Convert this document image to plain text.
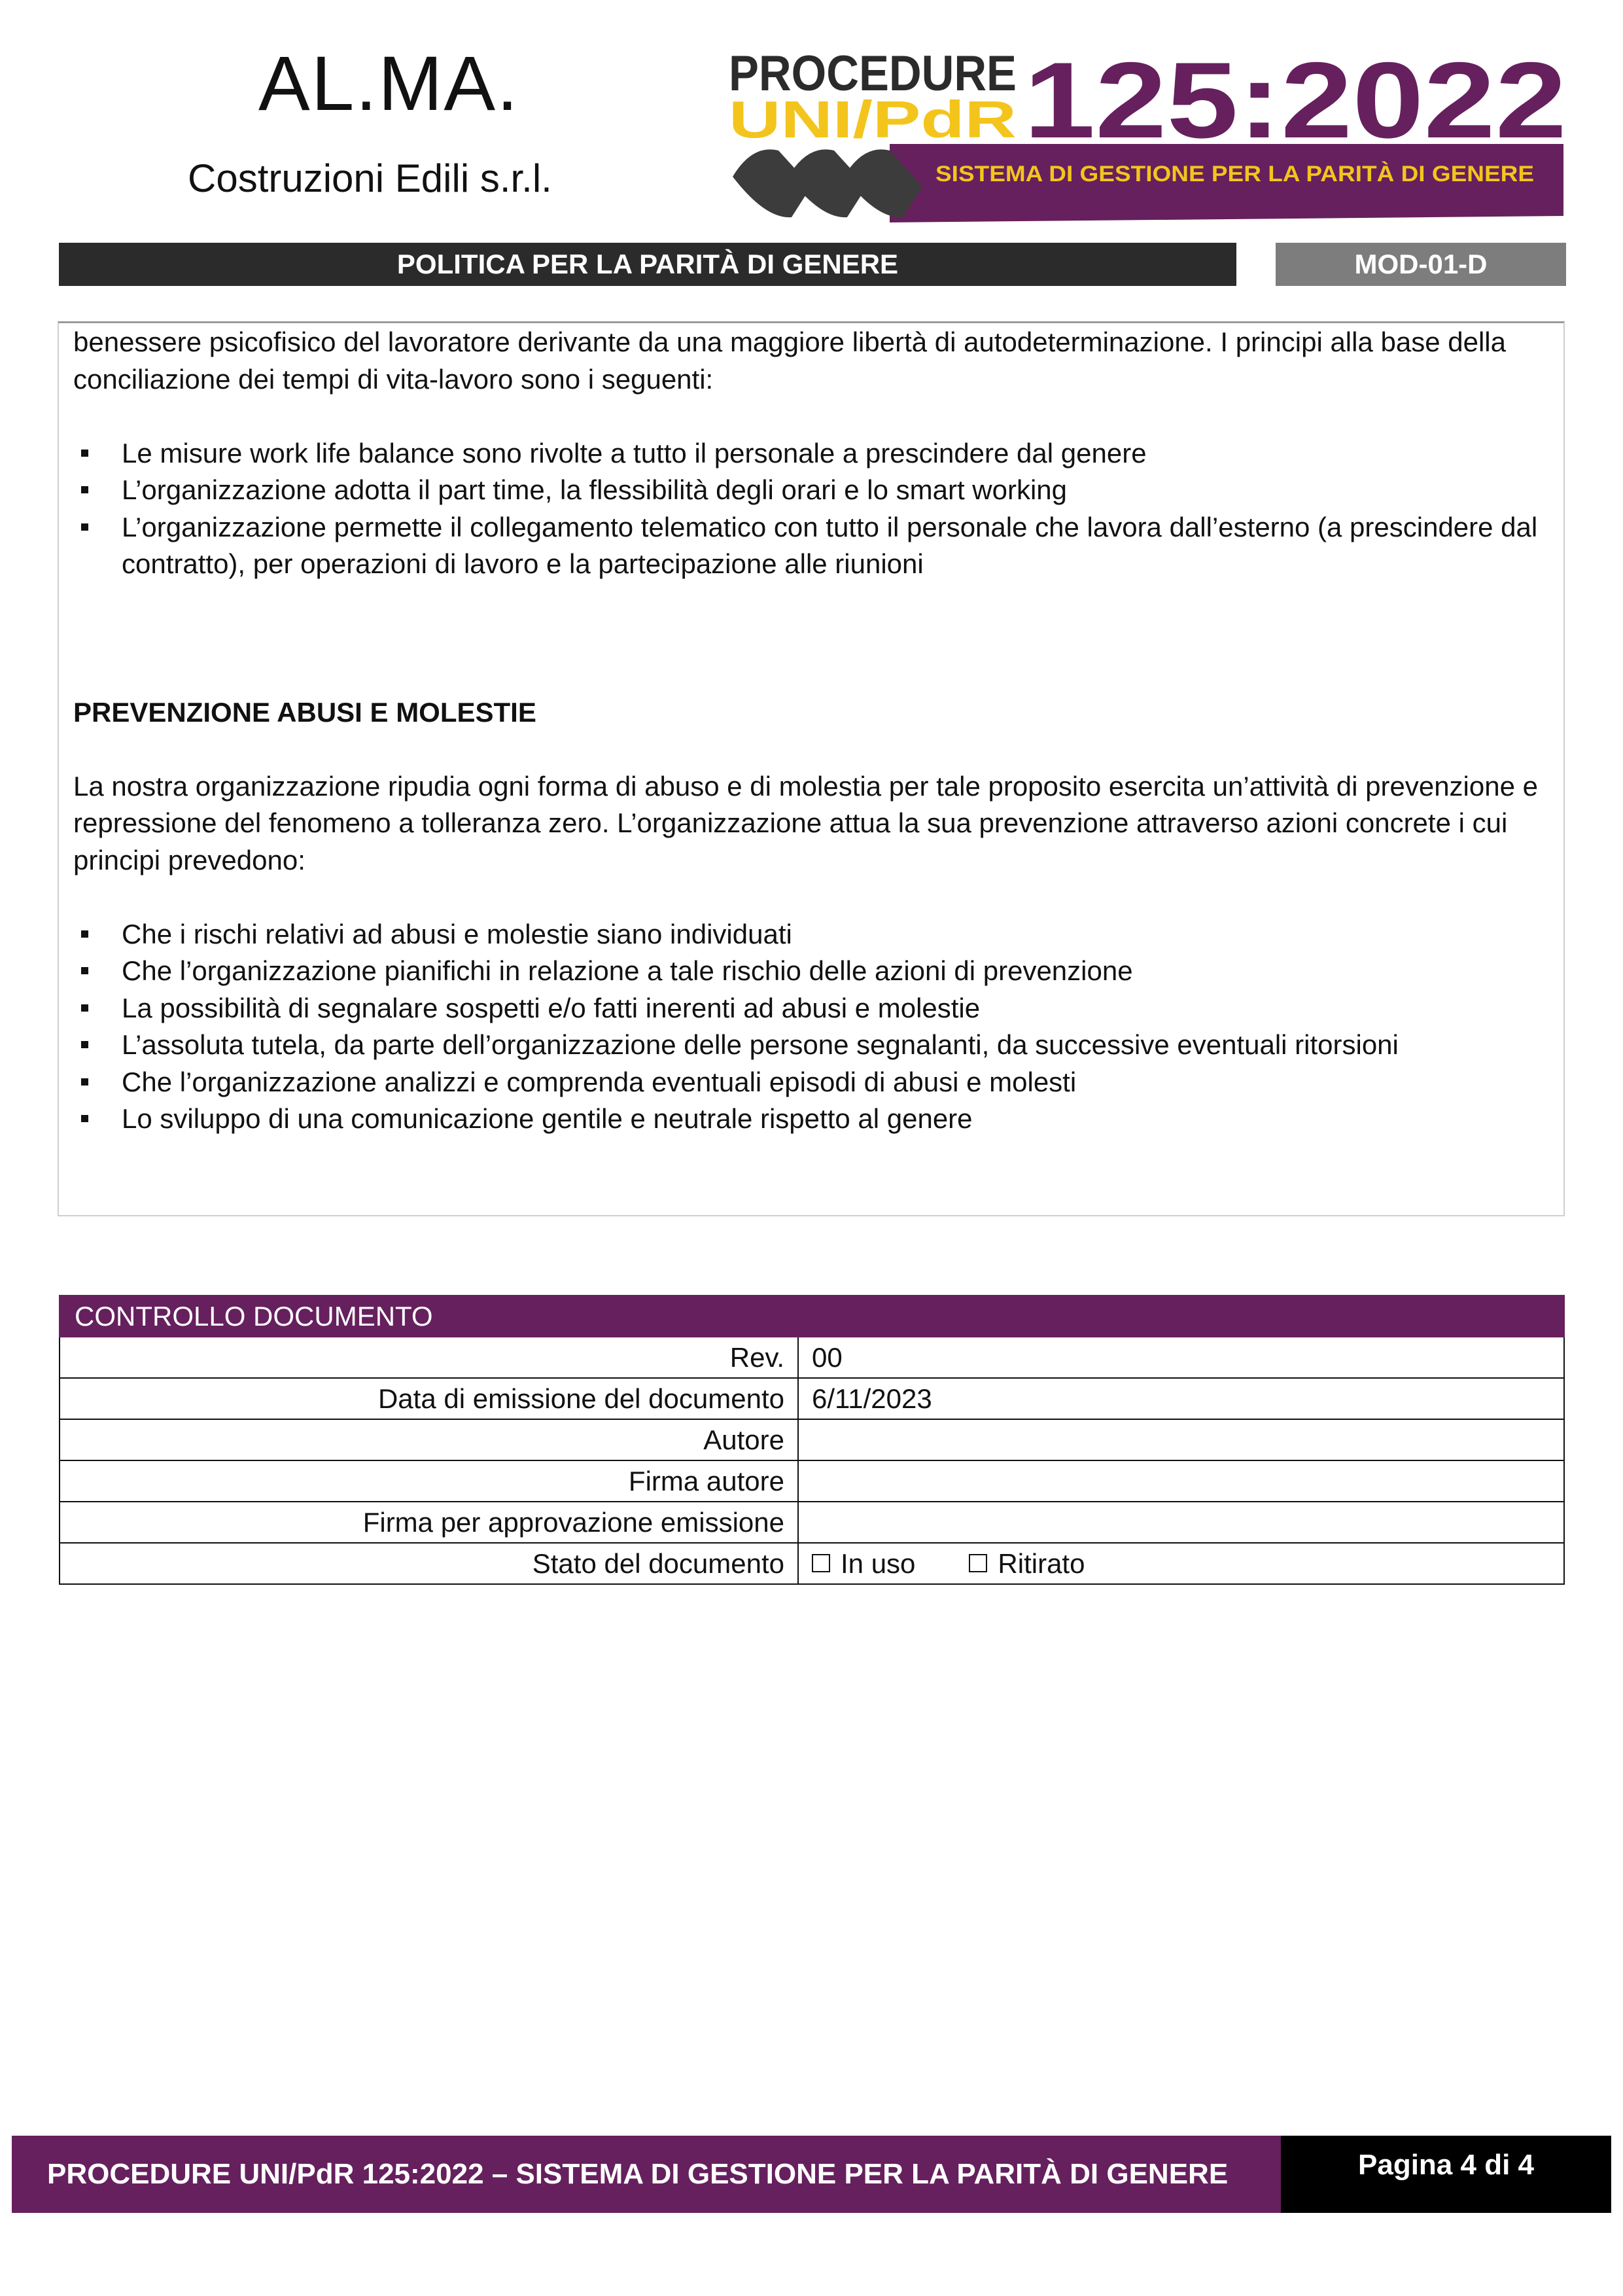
AL.MA.
Costruzioni Edili s.r.l.
PROCEDURE
UNI/PdR 125:2022
SISTEMA DI GESTIONE PER LA PARITÀ DI GENERE
POLITICA PER LA PARITÀ DI GENERE	MOD-01-D

benessere psicofisico del lavoratore derivante da una maggiore libertà di autodeterminazione. I principi alla base della conciliazione dei tempi di vita-lavoro sono i seguenti:

Le misure work life balance sono rivolte a tutto il personale a prescindere dal genere
L’organizzazione adotta il part time, la flessibilità degli orari e lo smart working
L’organizzazione permette il collegamento telematico con tutto il personale che lavora dall’esterno (a prescindere dal contratto), per operazioni di lavoro e la partecipazione alle riunioni

PREVENZIONE ABUSI E MOLESTIE

La nostra organizzazione ripudia ogni forma di abuso e di molestia per tale proposito esercita un’attività di prevenzione e repressione del fenomeno a tolleranza zero. L’organizzazione attua la sua prevenzione attraverso azioni concrete i cui principi prevedono:

Che i rischi relativi ad abusi e molestie siano individuati
Che l’organizzazione pianifichi in relazione a tale rischio delle azioni di prevenzione
La possibilità di segnalare sospetti e/o fatti inerenti ad abusi e molestie
L’assoluta tutela, da parte dell’organizzazione delle persone segnalanti, da successive eventuali ritorsioni
Che l’organizzazione analizzi e comprenda eventuali episodi di abusi e molesti
Lo sviluppo di una comunicazione gentile e neutrale rispetto al genere
CONTROLLO DOCUMENTO	
Rev.	00
Data di emissione del documento	6/11/2023
Autore	
Firma autore	
Firma per approvazione emissione	
Stato del documento	In uso Ritirato
PROCEDURE UNI/PdR 125:2022 – SISTEMA DI GESTIONE PER LA PARITÀ DI GENERE	Pagina 4 di 4
